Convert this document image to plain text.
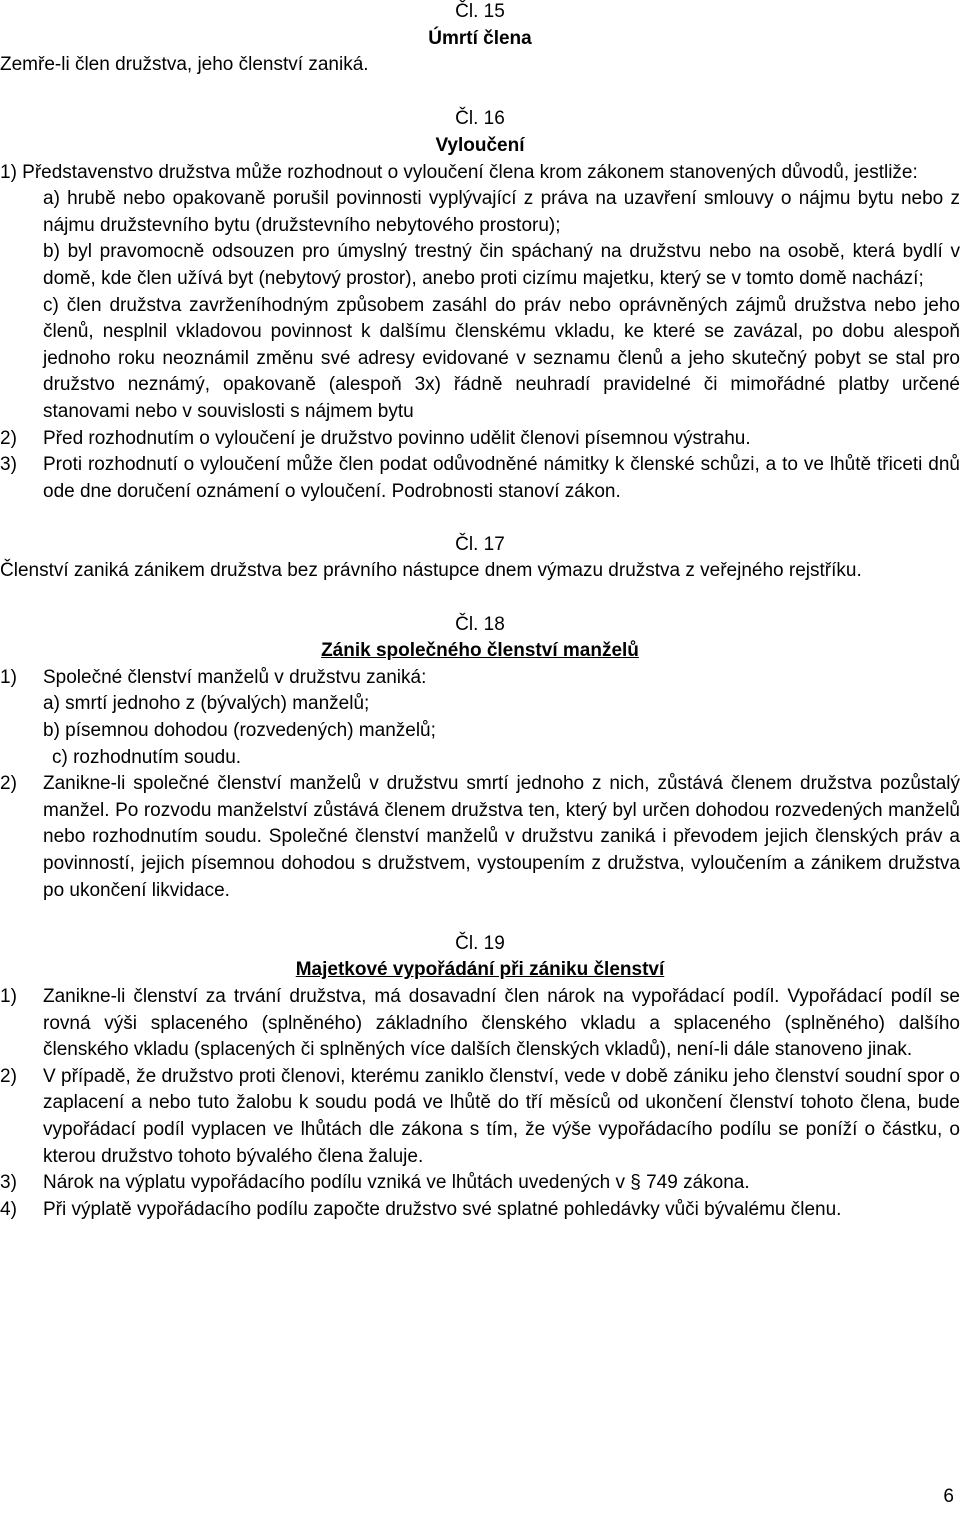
Čl. 15
Úmrtí člena
Zemře-li člen družstva, jeho členství zaniká.
Čl. 16
Vyloučení
1) Představenstvo družstva může rozhodnout o vyloučení člena krom zákonem stanovených důvodů, jestliže:
a) hrubě nebo opakovaně porušil povinnosti vyplývající z práva na uzavření smlouvy o nájmu bytu nebo z nájmu družstevního bytu (družstevního nebytového prostoru);
b) byl pravomocně odsouzen pro úmyslný trestný čin spáchaný na družstvu nebo na osobě, která bydlí v domě, kde člen užívá byt (nebytový prostor), anebo proti cizímu majetku, který se v tomto domě nachází;
c) člen družstva zavrženíhodným způsobem zasáhl do práv nebo oprávněných zájmů družstva nebo jeho členů, nesplnil vkladovou povinnost k dalšímu členskému vkladu, ke které se zavázal, po dobu alespoň jednoho roku neoznámil změnu své adresy evidované v seznamu členů a jeho skutečný pobyt se stal pro družstvo neznámý, opakovaně (alespoň 3x) řádně neuhradí pravidelné či mimořádné platby určené stanovami nebo v souvislosti s nájmem bytu
2) Před rozhodnutím o vyloučení je družstvo povinno udělit členovi písemnou výstrahu.
3) Proti rozhodnutí o vyloučení může člen podat odůvodněné námitky k členské schůzi, a to ve lhůtě třiceti dnů ode dne doručení oznámení o vyloučení. Podrobnosti stanoví zákon.
Čl. 17
Členství zaniká zánikem družstva bez právního nástupce dnem výmazu družstva z veřejného rejstříku.
Čl. 18
Zánik společného členství manželů
1) Společné členství manželů v družstvu zaniká:
a) smrtí jednoho z (bývalých) manželů;
b) písemnou dohodou (rozvedených) manželů;
c) rozhodnutím soudu.
2) Zanikne-li společné členství manželů v družstvu smrtí jednoho z nich, zůstává členem družstva pozůstalý manžel. Po rozvodu manželství zůstává členem družstva ten, který byl určen dohodou rozvedených manželů nebo rozhodnutím soudu. Společné členství manželů v družstvu zaniká i převodem jejich členských práv a povinností, jejich písemnou dohodou s družstvem, vystoupením z družstva, vyloučením a zánikem družstva po ukončení likvidace.
Čl. 19
Majetkové vypořádání při zániku členství
1) Zanikne-li členství za trvání družstva, má dosavadní člen nárok na vypořádací podíl. Vypořádací podíl se rovná výši splaceného (splněného) základního členského vkladu a splaceného (splněného) dalšího členského vkladu (splacených či splněných více dalších členských vkladů), není-li dále stanoveno jinak.
2) V případě, že družstvo proti členovi, kterému zaniklo členství, vede v době zániku jeho členství soudní spor o zaplacení a nebo tuto žalobu k soudu podá ve lhůtě do tří měsíců od ukončení členství tohoto člena, bude vypořádací podíl vyplacen ve lhůtách dle zákona s tím, že výše vypořádacího podílu se poníží o částku, o kterou družstvo tohoto bývalého člena žaluje.
3) Nárok na výplatu vypořádacího podílu vzniká ve lhůtách uvedených v § 749 zákona.
4) Při výplatě vypořádacího podílu započte družstvo své splatné pohledávky vůči bývalému členu.
6
